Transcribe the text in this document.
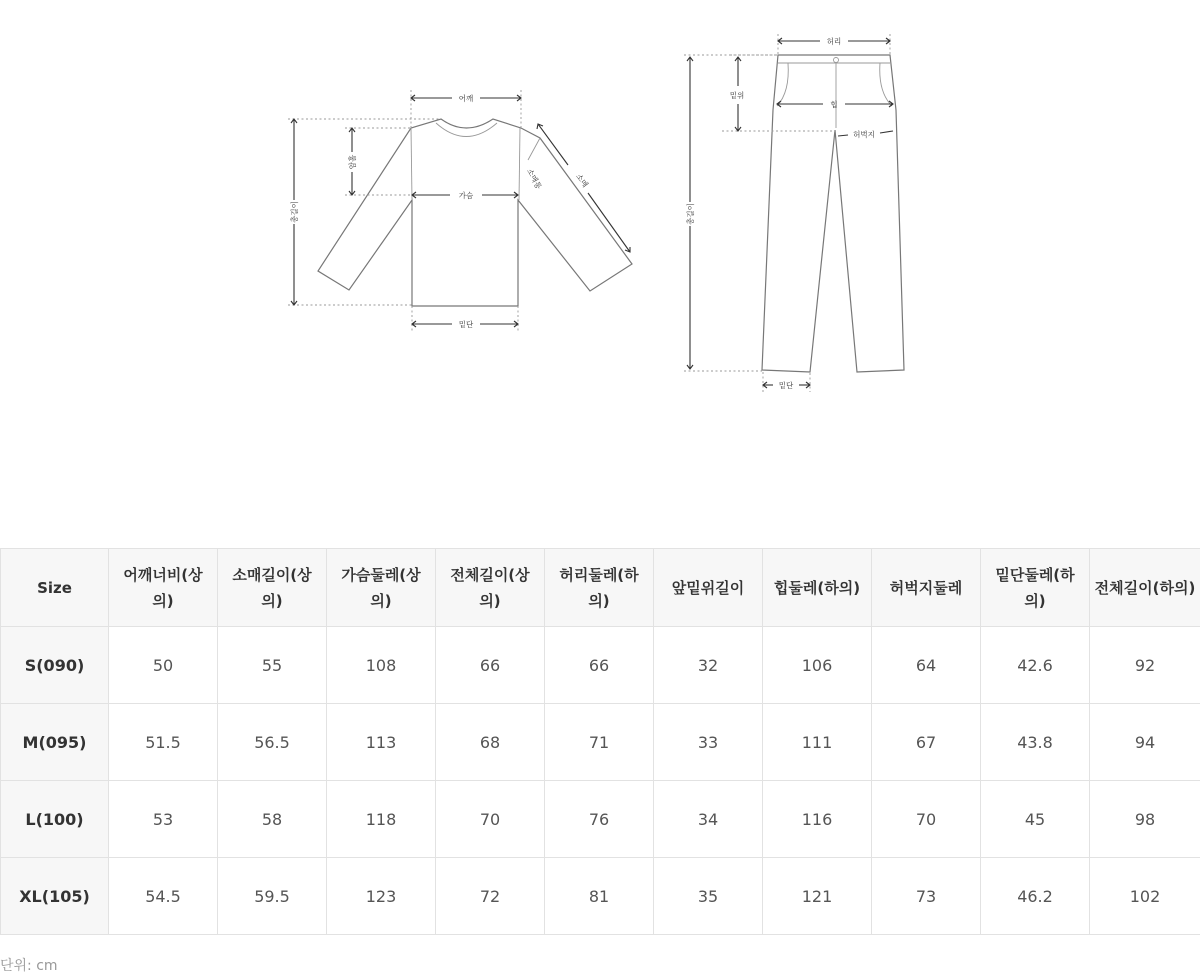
어깨
총길이
암홀
가슴
소매
소매통
밑단
허리
밑위
힙
허벅지
총길이
밑단
Size	어깨너비(상의)	소매길이(상의)	가슴둘레(상의)	전체길이(상의)	허리둘레(하의)	앞밑위길이	힙둘레(하의)	허벅지둘레	밑단둘레(하의)	전체길이(하의)
S(090)	50	55	108	66	66	32	106	64	42.6	92
M(095)	51.5	56.5	113	68	71	33	111	67	43.8	94
L(100)	53	58	118	70	76	34	116	70	45	98
XL(105)	54.5	59.5	123	72	81	35	121	73	46.2	102
단위: cm
